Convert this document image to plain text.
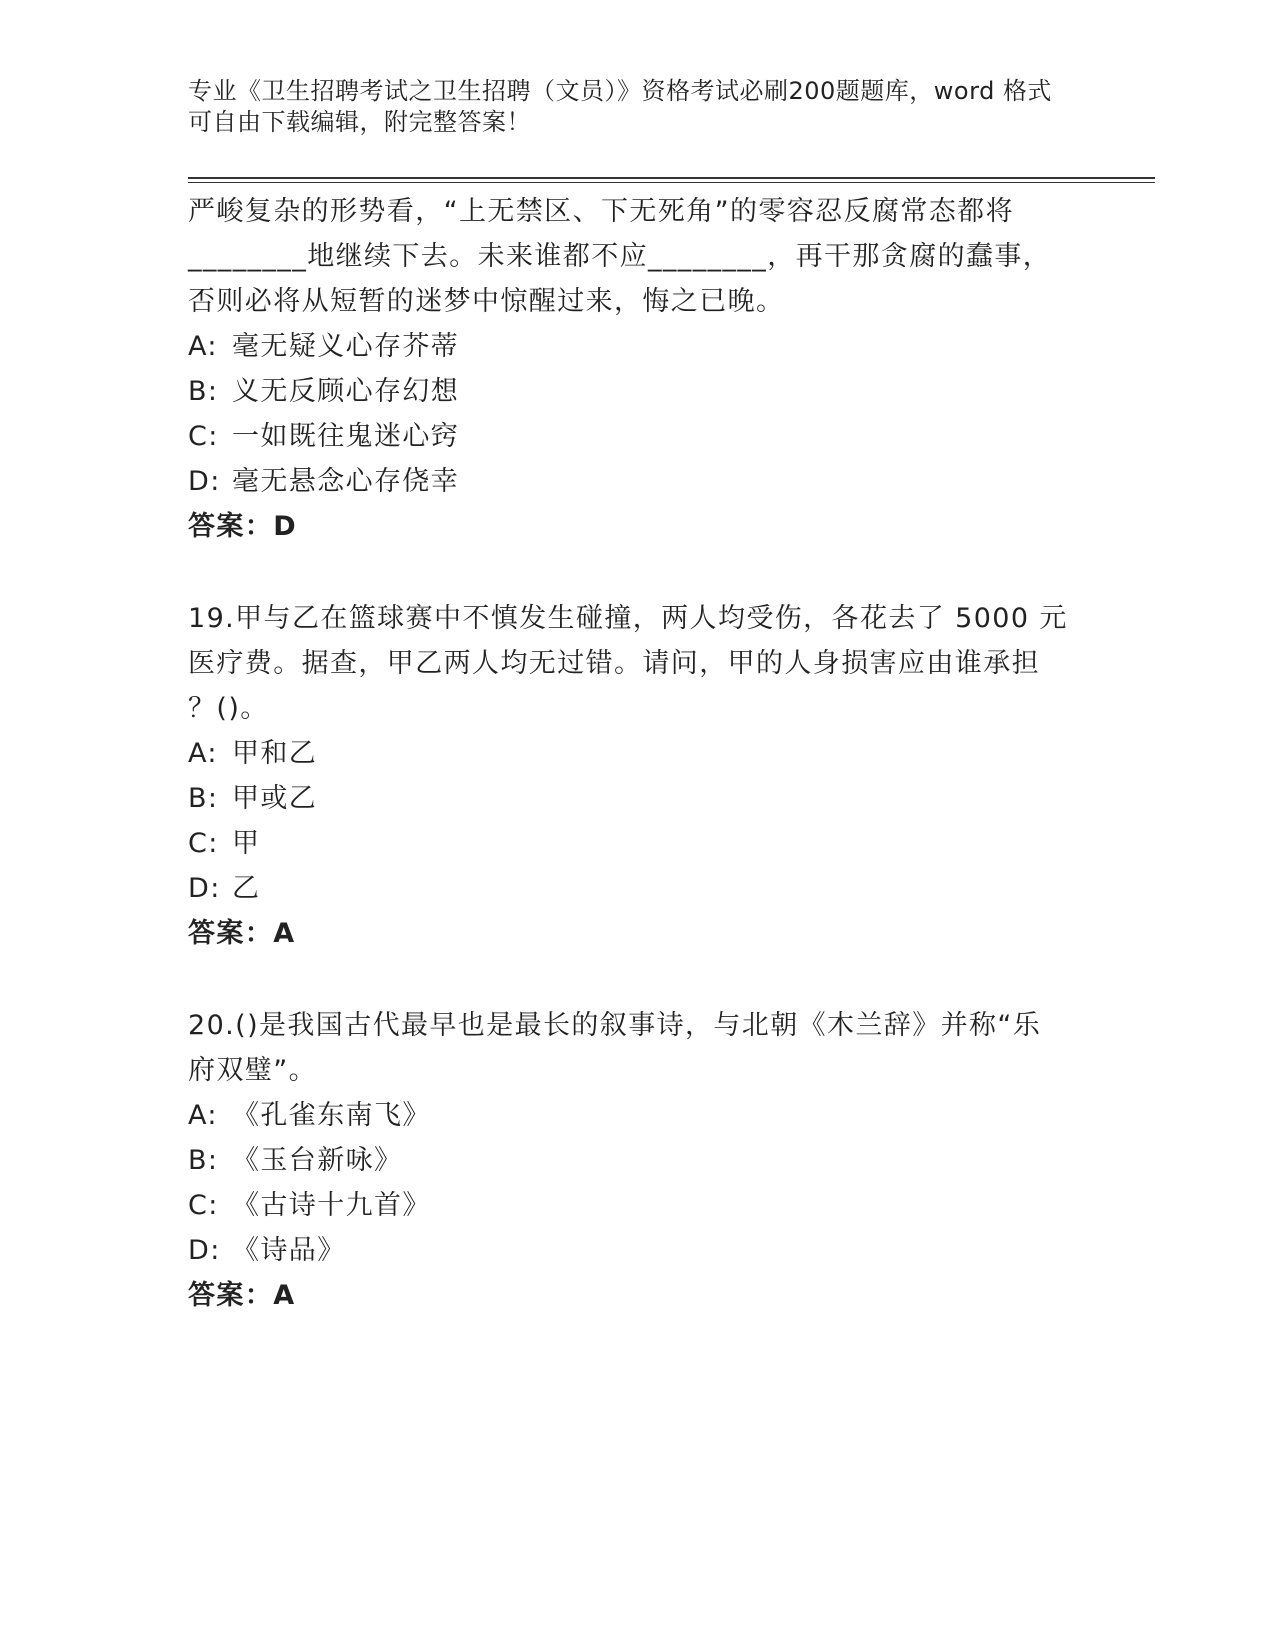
专业《卫生招聘考试之卫生招聘（文员）》资格考试必刷200题题库，word 格式
可自由下载编辑，附完整答案！

严峻复杂的形势看，“上无禁区、下无死角”的零容忍反腐常态都将

________地继续下去。未来谁都不应________，再干那贪腐的蠢事，

否则必将从短暂的迷梦中惊醒过来，悔之已晚。

A: 毫无疑义心存芥蒂

B: 义无反顾心存幻想

C: 一如既往鬼迷心窍

D: 毫无悬念心存侥幸

答案：D

19.甲与乙在篮球赛中不慎发生碰撞，两人均受伤，各花去了 5000 元

医疗费。据查，甲乙两人均无过错。请问，甲的人身损害应由谁承担

？()。

A: 甲和乙

B: 甲或乙

C: 甲

D: 乙

答案：A

20.()是我国古代最早也是最长的叙事诗，与北朝《木兰辞》并称“乐

府双璧”。

A: 《孔雀东南飞》

B: 《玉台新咏》

C: 《古诗十九首》

D: 《诗品》

答案：A
